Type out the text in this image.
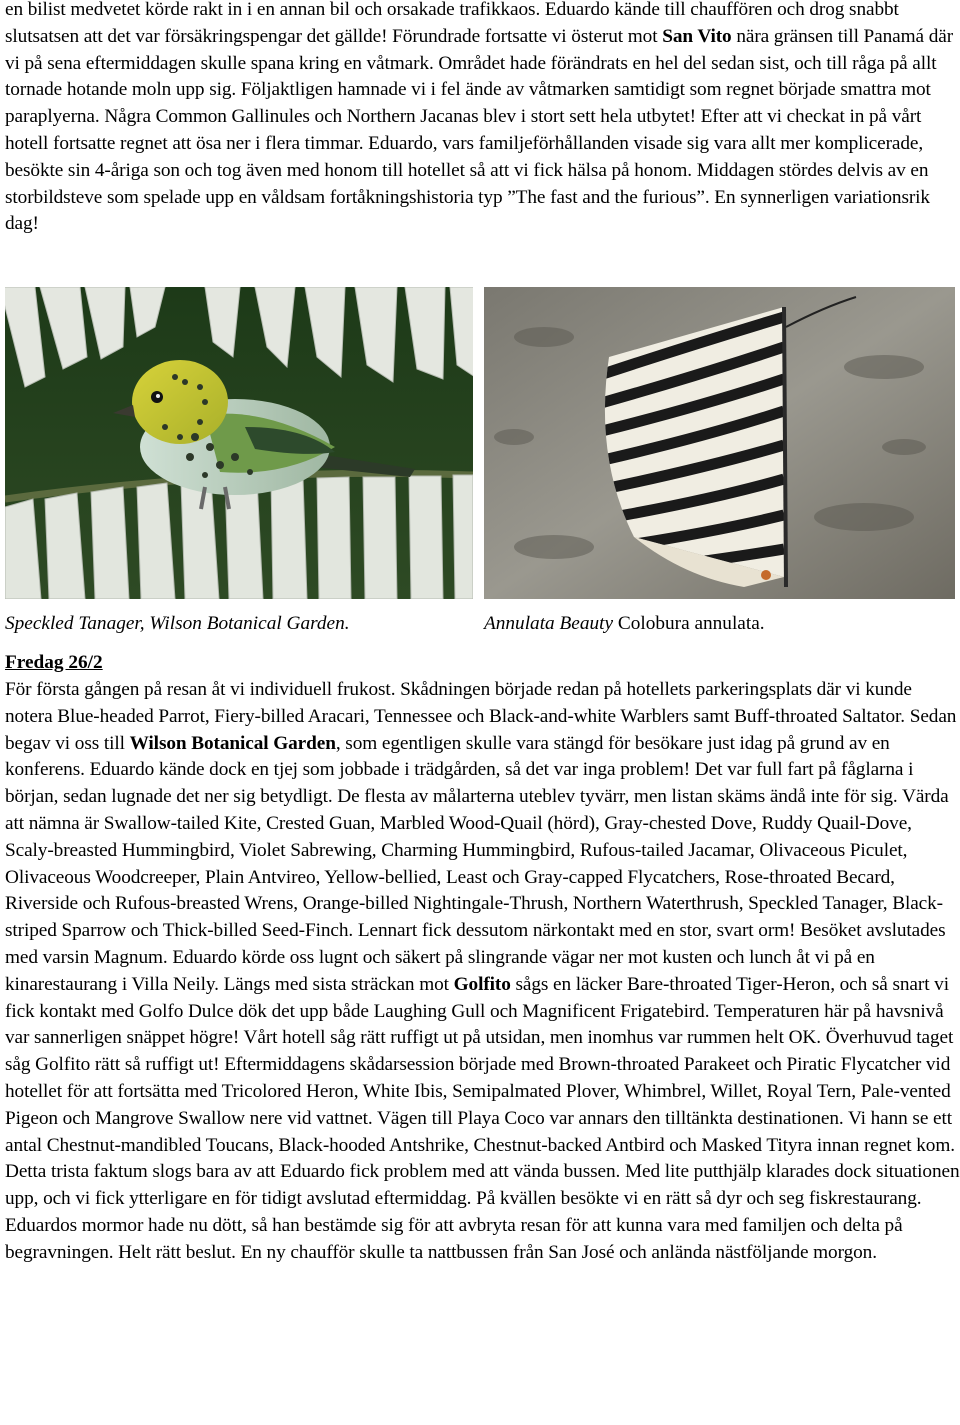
en bilist medvetet körde rakt in i en annan bil och orsakade trafikkaos. Eduardo kände till chauffören och drog snabbt slutsatsen att det var försäkringspengar det gällde! Förundrade fortsatte vi österut mot San Vito nära gränsen till Panamá där vi på sena eftermiddagen skulle spana kring en våtmark. Området hade förändrats en hel del sedan sist, och till råga på allt tornade hotande moln upp sig. Följaktligen hamnade vi i fel ände av våtmarken samtidigt som regnet började smattra mot paraplyerna. Några Common Gallinules och Northern Jacanas blev i stort sett hela utbytet! Efter att vi checkat in på vårt hotell fortsatte regnet att ösa ner i flera timmar. Eduardo, vars familjeförhållanden visade sig vara allt mer komplicerade, besökte sin 4-åriga son och tog även med honom till hotellet så att vi fick hälsa på honom. Middagen stördes delvis av en storbildsteve som spelade upp en våldsam fortåkningshistoria typ ”The fast and the furious”. En synnerligen variationsrik dag!

Speckled Tanager, Wilson Botanical Garden.	Annulata Beauty Colobura annulata.
Fredag 26/2

För första gången på resan åt vi individuell frukost. Skådningen började redan på hotellets parkeringsplats där vi kunde notera Blue-headed Parrot, Fiery-billed Aracari, Tennessee och Black-and-white Warblers samt Buff-throated Saltator. Sedan begav vi oss till Wilson Botanical Garden, som egentligen skulle vara stängd för besökare just idag på grund av en konferens. Eduardo kände dock en tjej som jobbade i trädgården, så det var inga problem! Det var full fart på fåglarna i början, sedan lugnade det ner sig betydligt. De flesta av målarterna uteblev tyvärr, men listan skäms ändå inte för sig. Värda att nämna är Swallow-tailed Kite, Crested Guan, Marbled Wood-Quail (hörd), Gray-chested Dove, Ruddy Quail-Dove, Scaly-breasted Hummingbird, Violet Sabrewing, Charming Hummingbird, Rufous-tailed Jacamar, Olivaceous Piculet, Olivaceous Woodcreeper, Plain Antvireo, Yellow-bellied, Least och Gray-capped Flycatchers, Rose-throated Becard, Riverside och Rufous-breasted Wrens, Orange-billed Nightingale-Thrush, Northern Waterthrush, Speckled Tanager, Black-striped Sparrow och Thick-billed Seed-Finch. Lennart fick dessutom närkontakt med en stor, svart orm! Besöket avslutades med varsin Magnum. Eduardo körde oss lugnt och säkert på slingrande vägar ner mot kusten och lunch åt vi på en kinarestaurang i Villa Neily. Längs med sista sträckan mot Golfito sågs en läcker Bare-throated Tiger-Heron, och så snart vi fick kontakt med Golfo Dulce dök det upp både Laughing Gull och Magnificent Frigatebird. Temperaturen här på havsnivå var sannerligen snäppet högre! Vårt hotell såg rätt ruffigt ut på utsidan, men inomhus var rummen helt OK. Överhuvud taget såg Golfito rätt så ruffigt ut! Eftermiddagens skådarsession började med Brown-throated Parakeet och Piratic Flycatcher vid hotellet för att fortsätta med Tricolored Heron, White Ibis, Semipalmated Plover, Whimbrel, Willet, Royal Tern, Pale-vented Pigeon och Mangrove Swallow nere vid vattnet. Vägen till Playa Coco var annars den tilltänkta destinationen. Vi hann se ett antal Chestnut-mandibled Toucans, Black-hooded Antshrike, Chestnut-backed Antbird och Masked Tityra innan regnet kom. Detta trista faktum slogs bara av att Eduardo fick problem med att vända bussen. Med lite putthjälp klarades dock situationen upp, och vi fick ytterligare en för tidigt avslutad eftermiddag. På kvällen besökte vi en rätt så dyr och seg fiskrestaurang. Eduardos mormor hade nu dött, så han bestämde sig för att avbryta resan för att kunna vara med familjen och delta på begravningen. Helt rätt beslut. En ny chaufför skulle ta nattbussen från San José och anlända nästföljande morgon.
